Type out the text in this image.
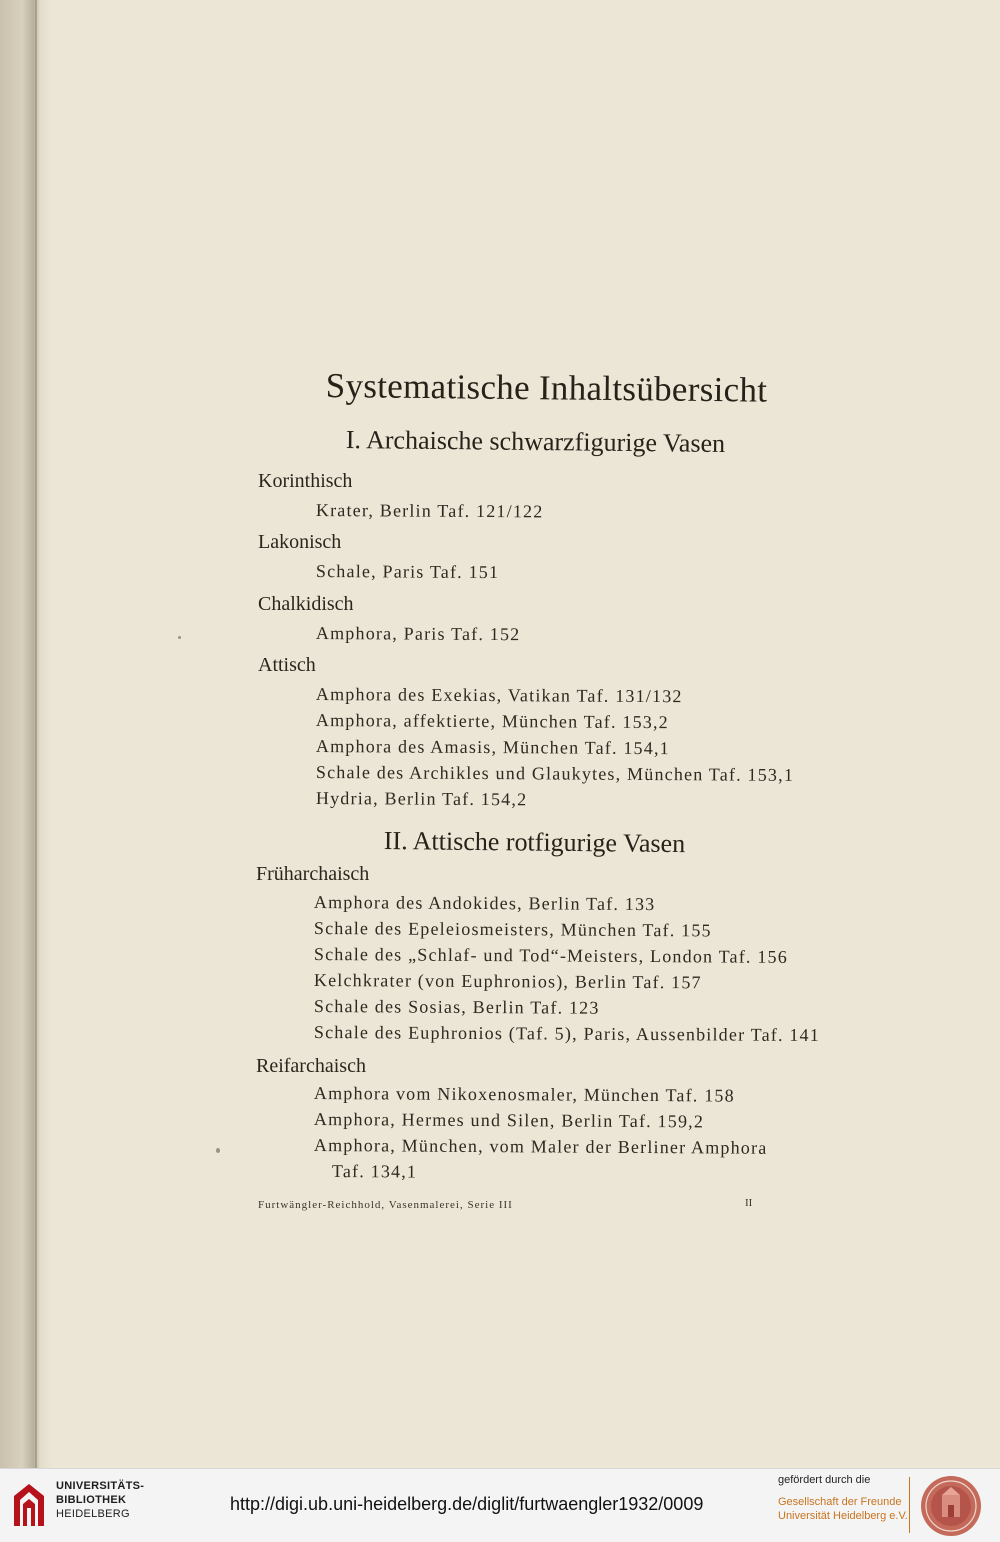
Systematische Inhaltsübersicht
I. Archaische schwarzfigurige Vasen
Korinthisch
Krater, Berlin Taf. 121/122
Lakonisch
Schale, Paris Taf. 151
Chalkidisch
Amphora, Paris Taf. 152
Attisch
Amphora des Exekias, Vatikan Taf. 131/132
Amphora, affektierte, München Taf. 153,2
Amphora des Amasis, München Taf. 154,1
Schale des Archikles und Glaukytes, München Taf. 153,1
Hydria, Berlin Taf. 154,2
II. Attische rotfigurige Vasen
Früharchaisch
Amphora des Andokides, Berlin Taf. 133
Schale des Epeleiosmeisters, München Taf. 155
Schale des „Schlaf- und Tod“-Meisters, London Taf. 156
Kelchkrater (von Euphronios), Berlin Taf. 157
Schale des Sosias, Berlin Taf. 123
Schale des Euphronios (Taf. 5), Paris, Aussenbilder Taf. 141
Reifarchaisch
Amphora vom Nikoxenosmaler, München Taf. 158
Amphora, Hermes und Silen, Berlin Taf. 159,2
Amphora, München, vom Maler der Berliner Amphora
Taf. 134,1
Furtwängler-Reichhold, Vasenmalerei, Serie III	II
UNIVERSITÄTS-
BIBLIOTHEK
HEIDELBERG	http://digi.ub.uni-heidelberg.de/diglit/furtwaengler1932/0009
gefördert durch die
Gesellschaft der Freunde
Universität Heidelberg e.V.
